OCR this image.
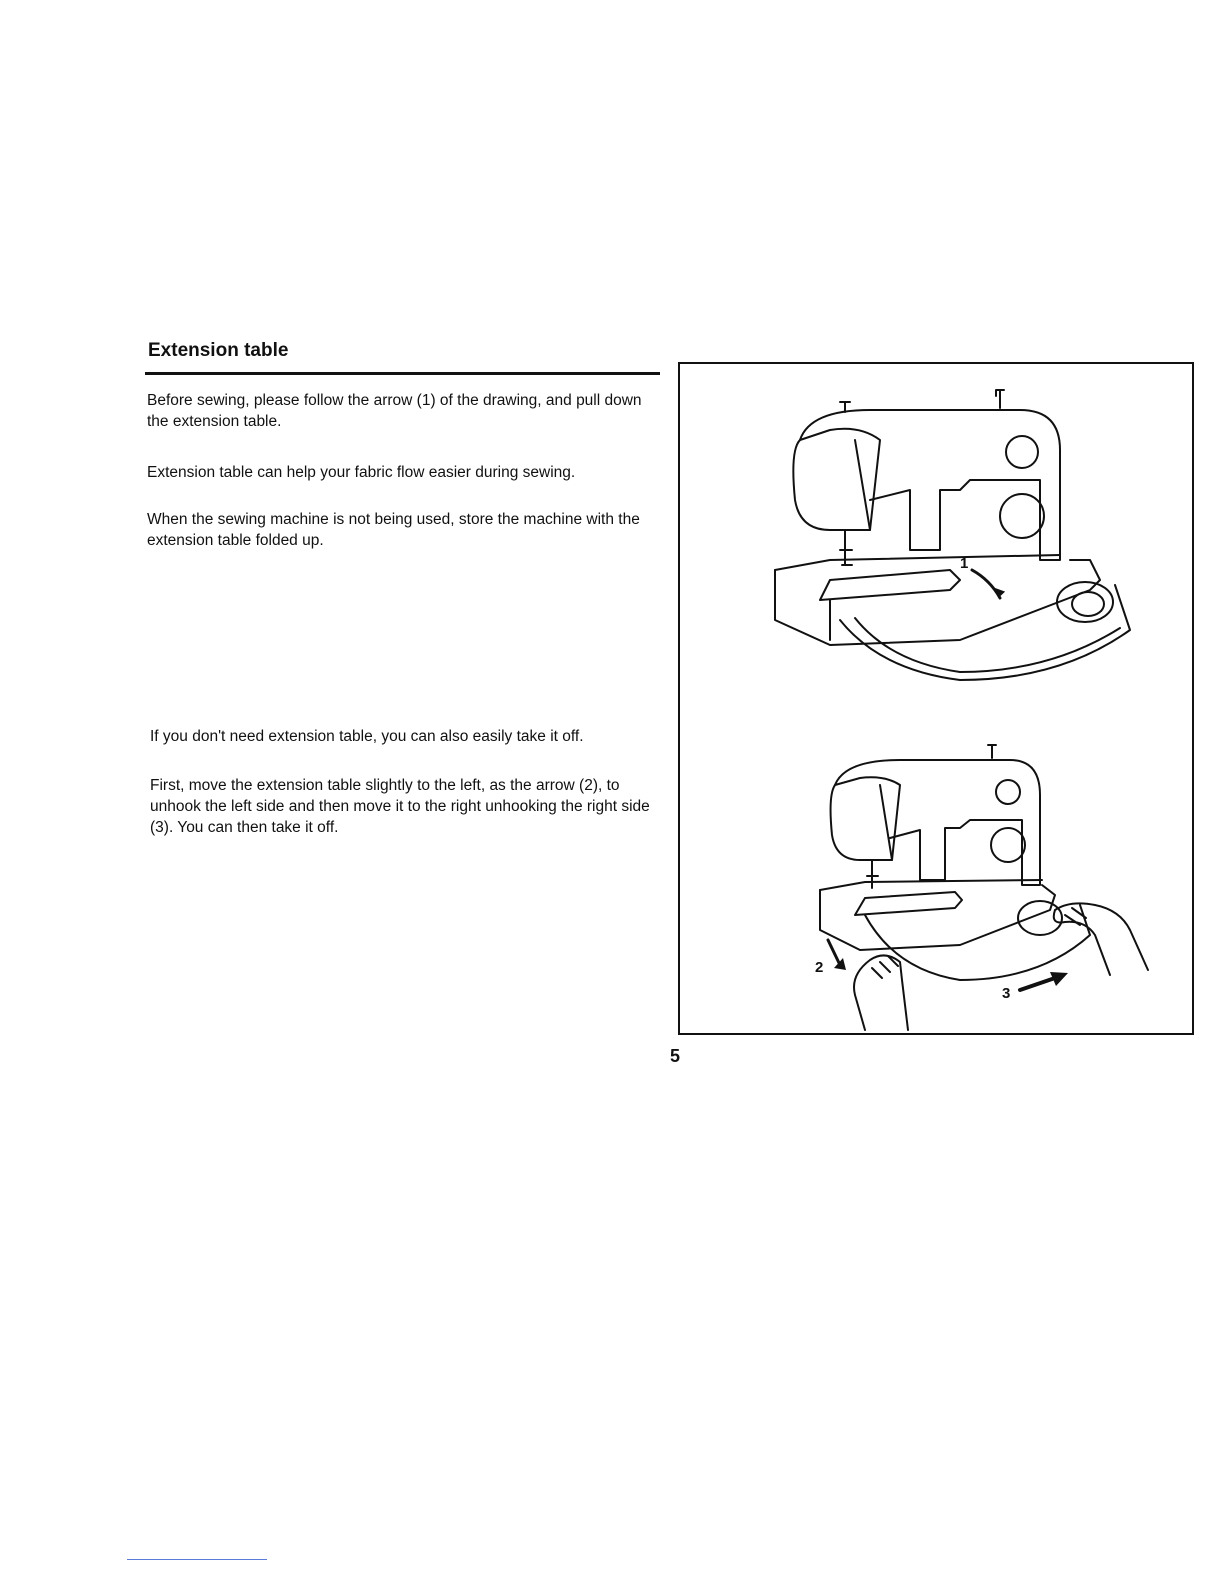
Extension table

Before sewing, please follow the arrow (1) of the drawing, and pull down the extension table.

Extension table can help your fabric flow easier during sewing.

When the sewing machine is not being used, store the machine with the extension table folded up.

If you don't need extension table, you can also easily take it off.

First, move the extension table slightly to the left, as the arrow (2), to unhook the left side and then move it to the right unhooking the right side (3). You can then take it off.

1
2
3

5
